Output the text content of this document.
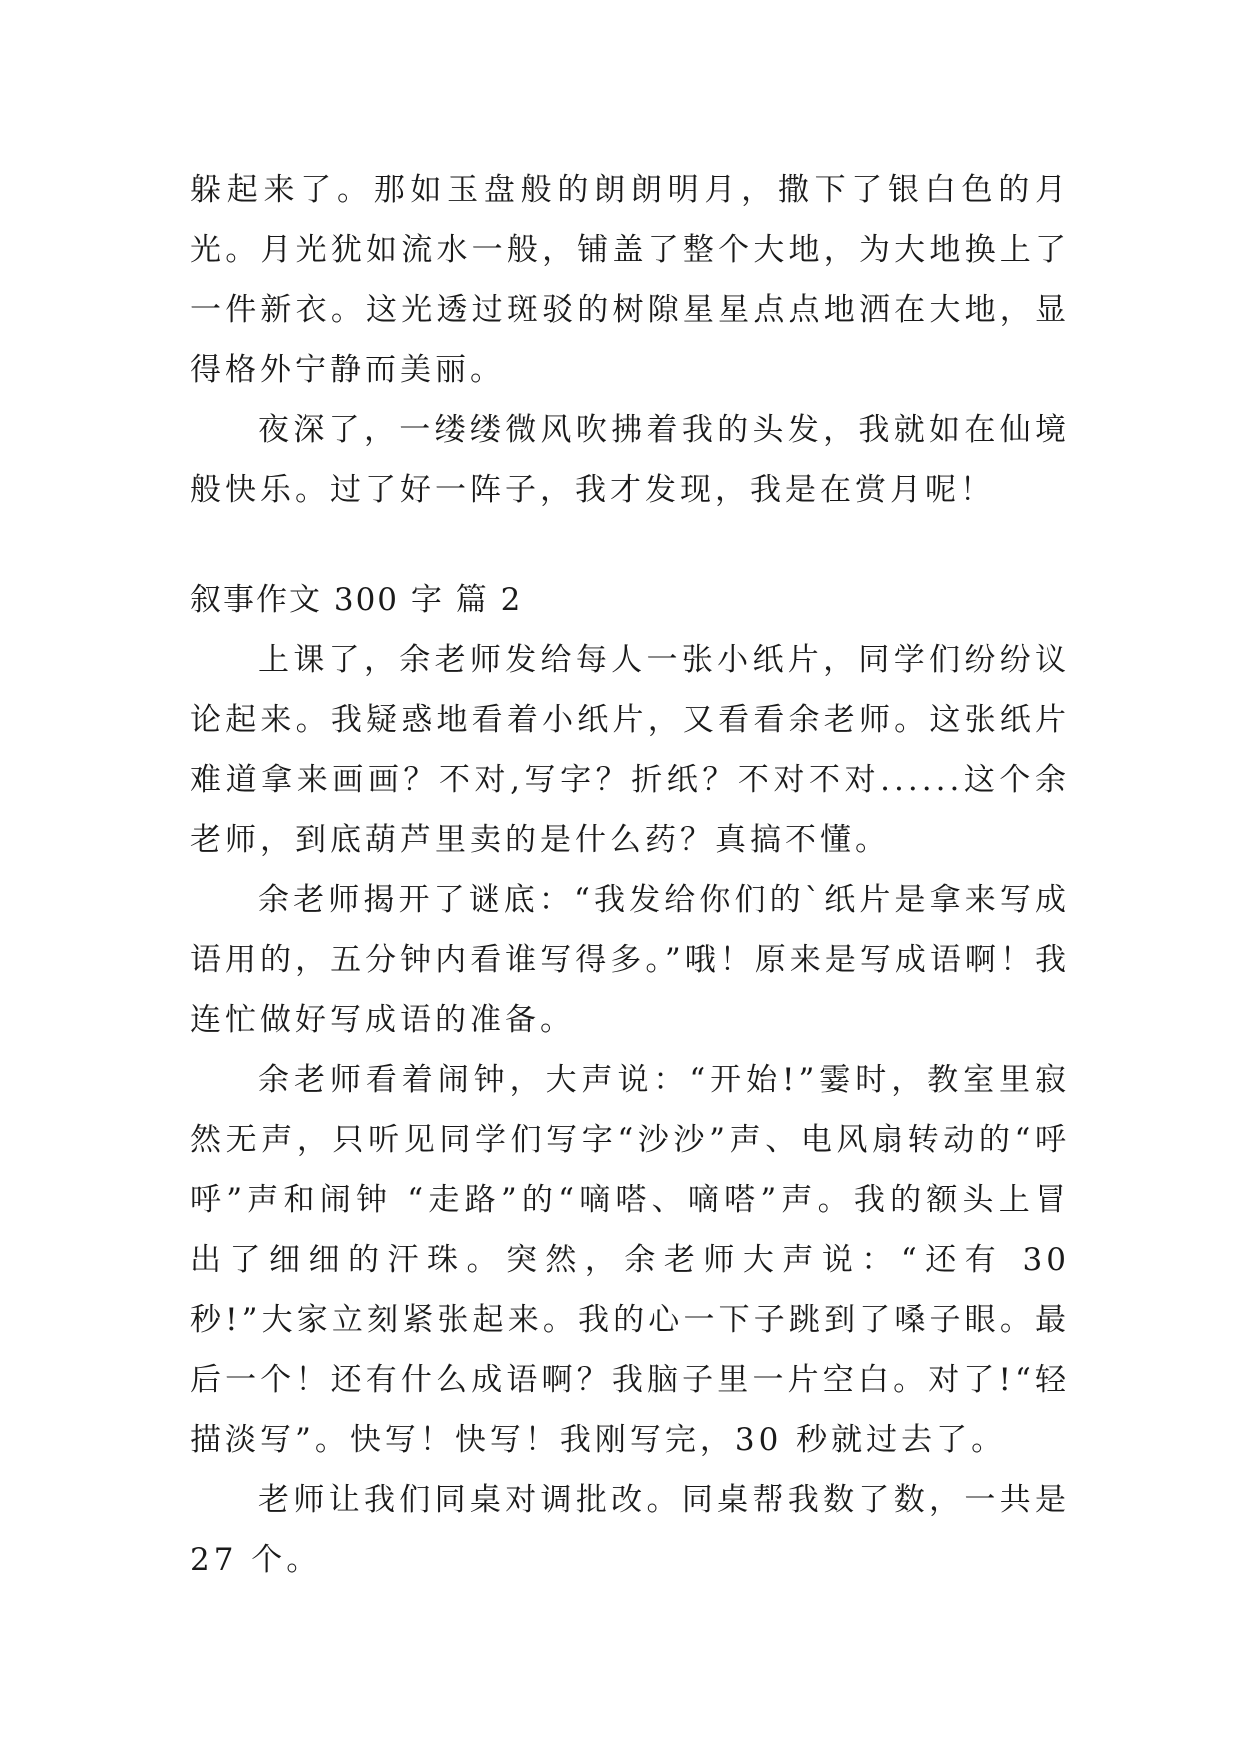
躲起来了。那如玉盘般的朗朗明月，撒下了银白色的月光。月光犹如流水一般，铺盖了整个大地，为大地换上了一件新衣。这光透过斑驳的树隙星星点点地洒在大地，显得格外宁静而美丽。

夜深了，一缕缕微风吹拂着我的头发，我就如在仙境般快乐。过了好一阵子，我才发现，我是在赏月呢！

叙事作文 300 字 篇 2

上课了，余老师发给每人一张小纸片，同学们纷纷议论起来。我疑惑地看着小纸片，又看看余老师。这张纸片难道拿来画画？不对,写字？折纸？不对不对......这个余老师，到底葫芦里卖的是什么药？真搞不懂。

余老师揭开了谜底：“我发给你们的`纸片是拿来写成语用的，五分钟内看谁写得多。”哦！原来是写成语啊！我连忙做好写成语的准备。

余老师看着闹钟，大声说：“开始!”霎时，教室里寂然无声，只听见同学们写字“沙沙”声、电风扇转动的“呼呼”声和闹钟 “走路”的“嘀嗒、嘀嗒”声。我的额头上冒出了细细的汗珠。突然，余老师大声说：“还有 30 秒!”大家立刻紧张起来。我的心一下子跳到了嗓子眼。最后一个！还有什么成语啊？我脑子里一片空白。对了!“轻描淡写”。快写！快写！我刚写完，30 秒就过去了。

老师让我们同桌对调批改。同桌帮我数了数，一共是 27 个。
